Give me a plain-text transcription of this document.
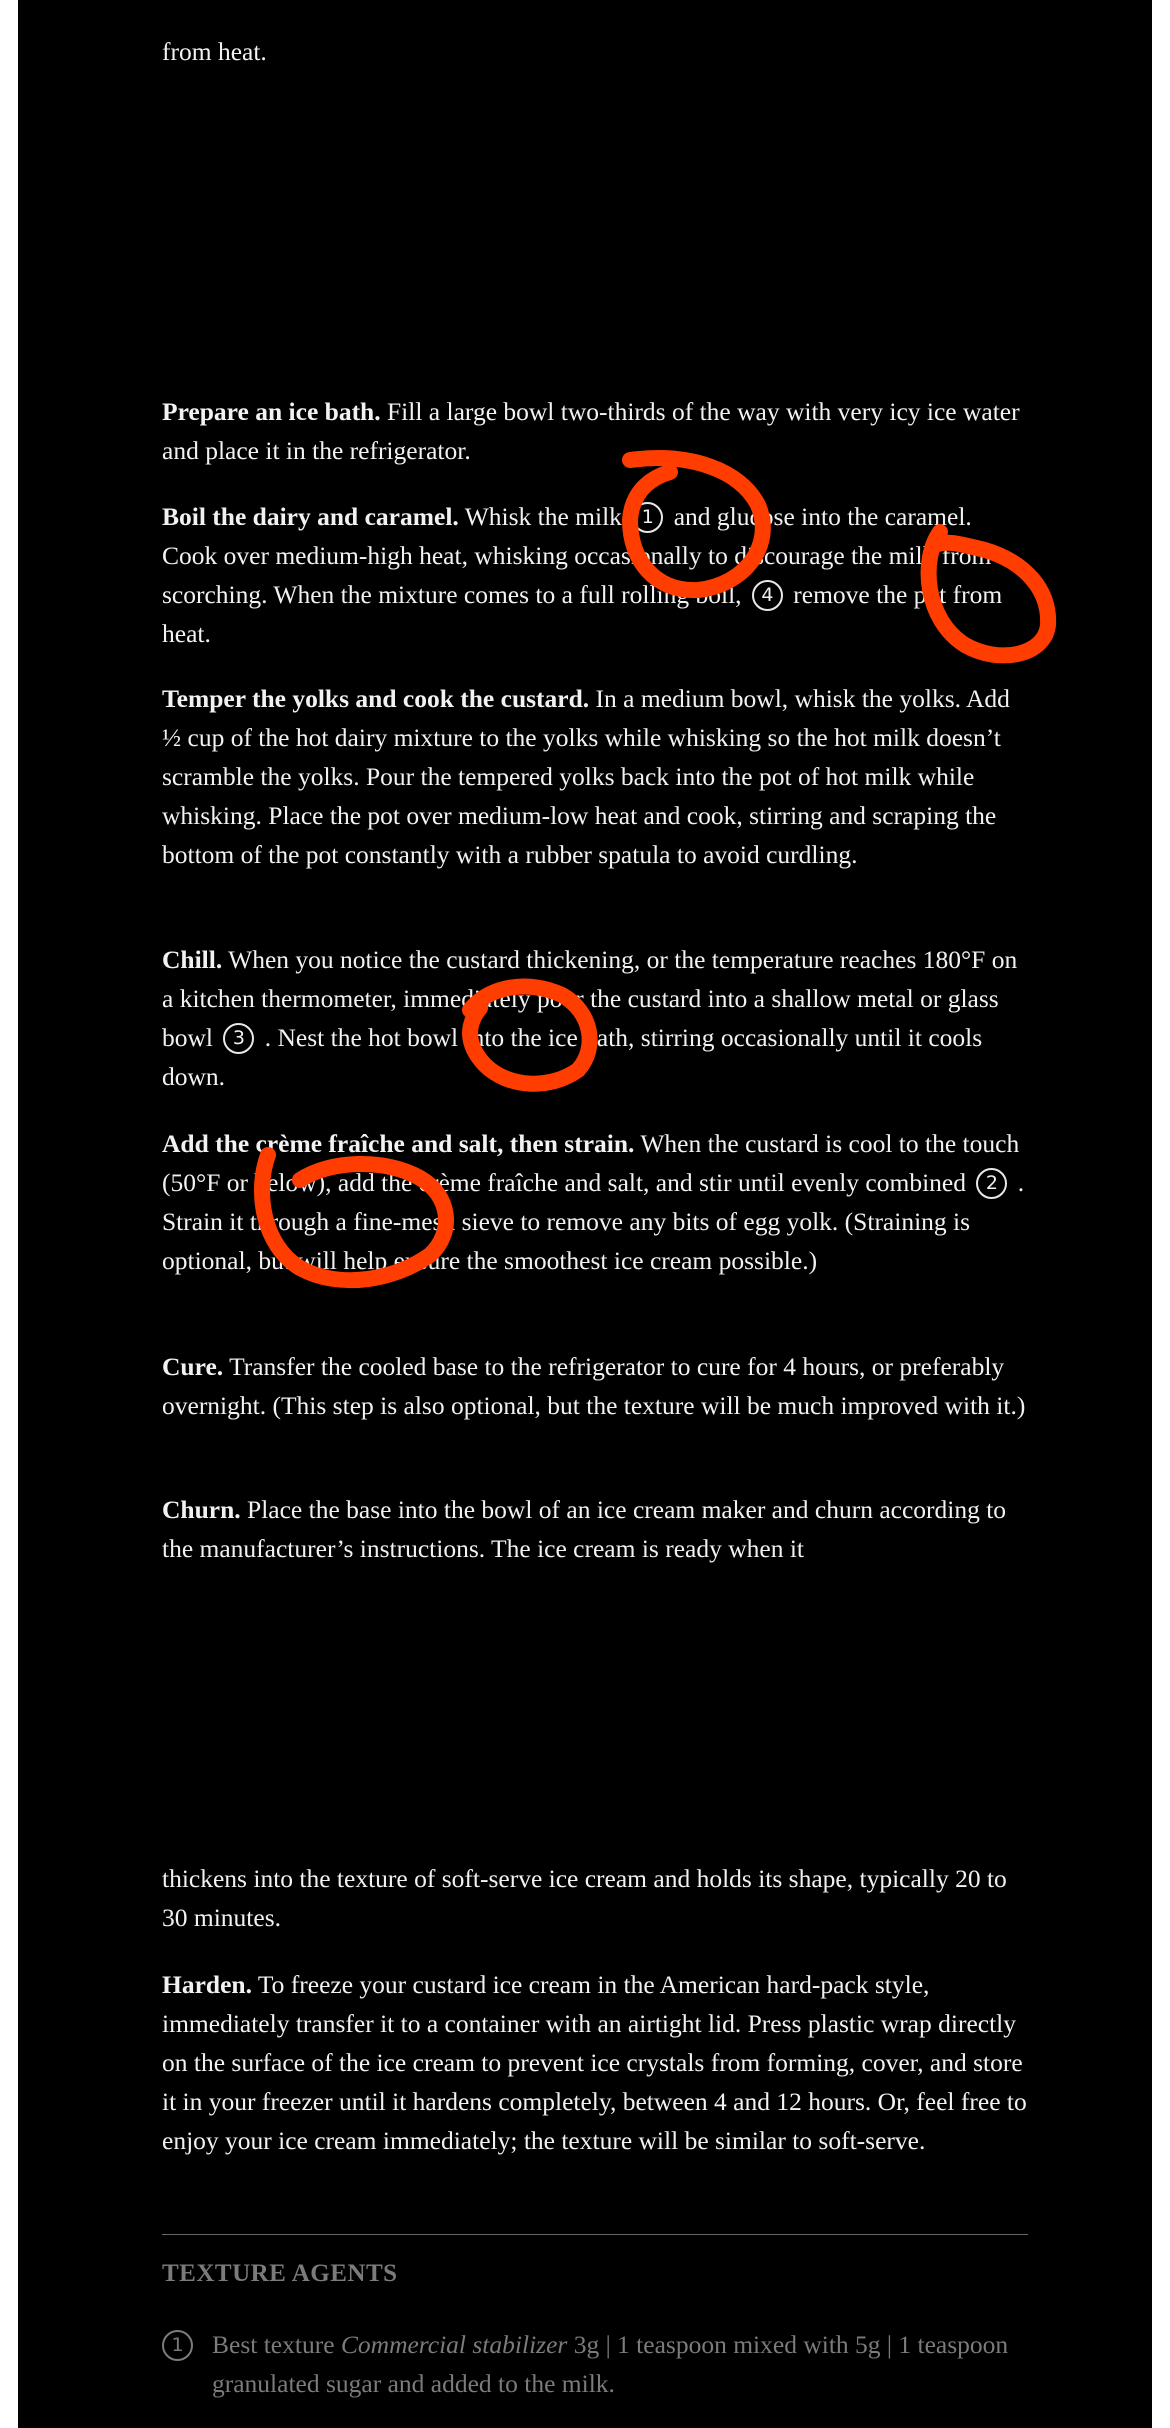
from heat.

Prepare an ice bath. Fill a large bowl two-thirds of the way with very icy ice water and place it in the refrigerator.

Boil the dairy and caramel. Whisk the milk 1 and glucose into the caramel. Cook over medium-high heat, whisking occasionally to discourage the milk from scorching. When the mixture comes to a full rolling boil, 4 remove the pot from heat.

Temper the yolks and cook the custard. In a medium bowl, whisk the yolks. Add ½ cup of the hot dairy mixture to the yolks while whisking so the hot milk doesn’t scramble the yolks. Pour the tempered yolks back into the pot of hot milk while whisking. Place the pot over medium-low heat and cook, stirring and scraping the bottom of the pot constantly with a rubber spatula to avoid curdling.

Chill. When you notice the custard thickening, or the temperature reaches 180°F on a kitchen thermometer, immediately pour the custard into a shallow metal or glass bowl 3 . Nest the hot bowl into the ice bath, stirring occasionally until it cools down.

Add the crème fraîche and salt, then strain. When the custard is cool to the touch (50°F or below), add the crème fraîche and salt, and stir until evenly combined 2 . Strain it through a fine-mesh sieve to remove any bits of egg yolk. (Straining is optional, but will help ensure the smoothest ice cream possible.)

Cure. Transfer the cooled base to the refrigerator to cure for 4 hours, or preferably overnight. (This step is also optional, but the texture will be much improved with it.)

Churn. Place the base into the bowl of an ice cream maker and churn according to the manufacturer’s instructions. The ice cream is ready when it

thickens into the texture of soft-serve ice cream and holds its shape, typically 20 to 30 minutes.

Harden. To freeze your custard ice cream in the American hard-pack style, immediately transfer it to a container with an airtight lid. Press plastic wrap directly on the surface of the ice cream to prevent ice crystals from forming, cover, and store it in your freezer until it hardens completely, between 4 and 12 hours. Or, feel free to enjoy your ice cream immediately; the texture will be similar to soft-serve.

TEXTURE AGENTS
1	Best texture Commercial stabilizer 3g | 1 teaspoon mixed with 5g | 1 teaspoon granulated sugar and added to the milk.
